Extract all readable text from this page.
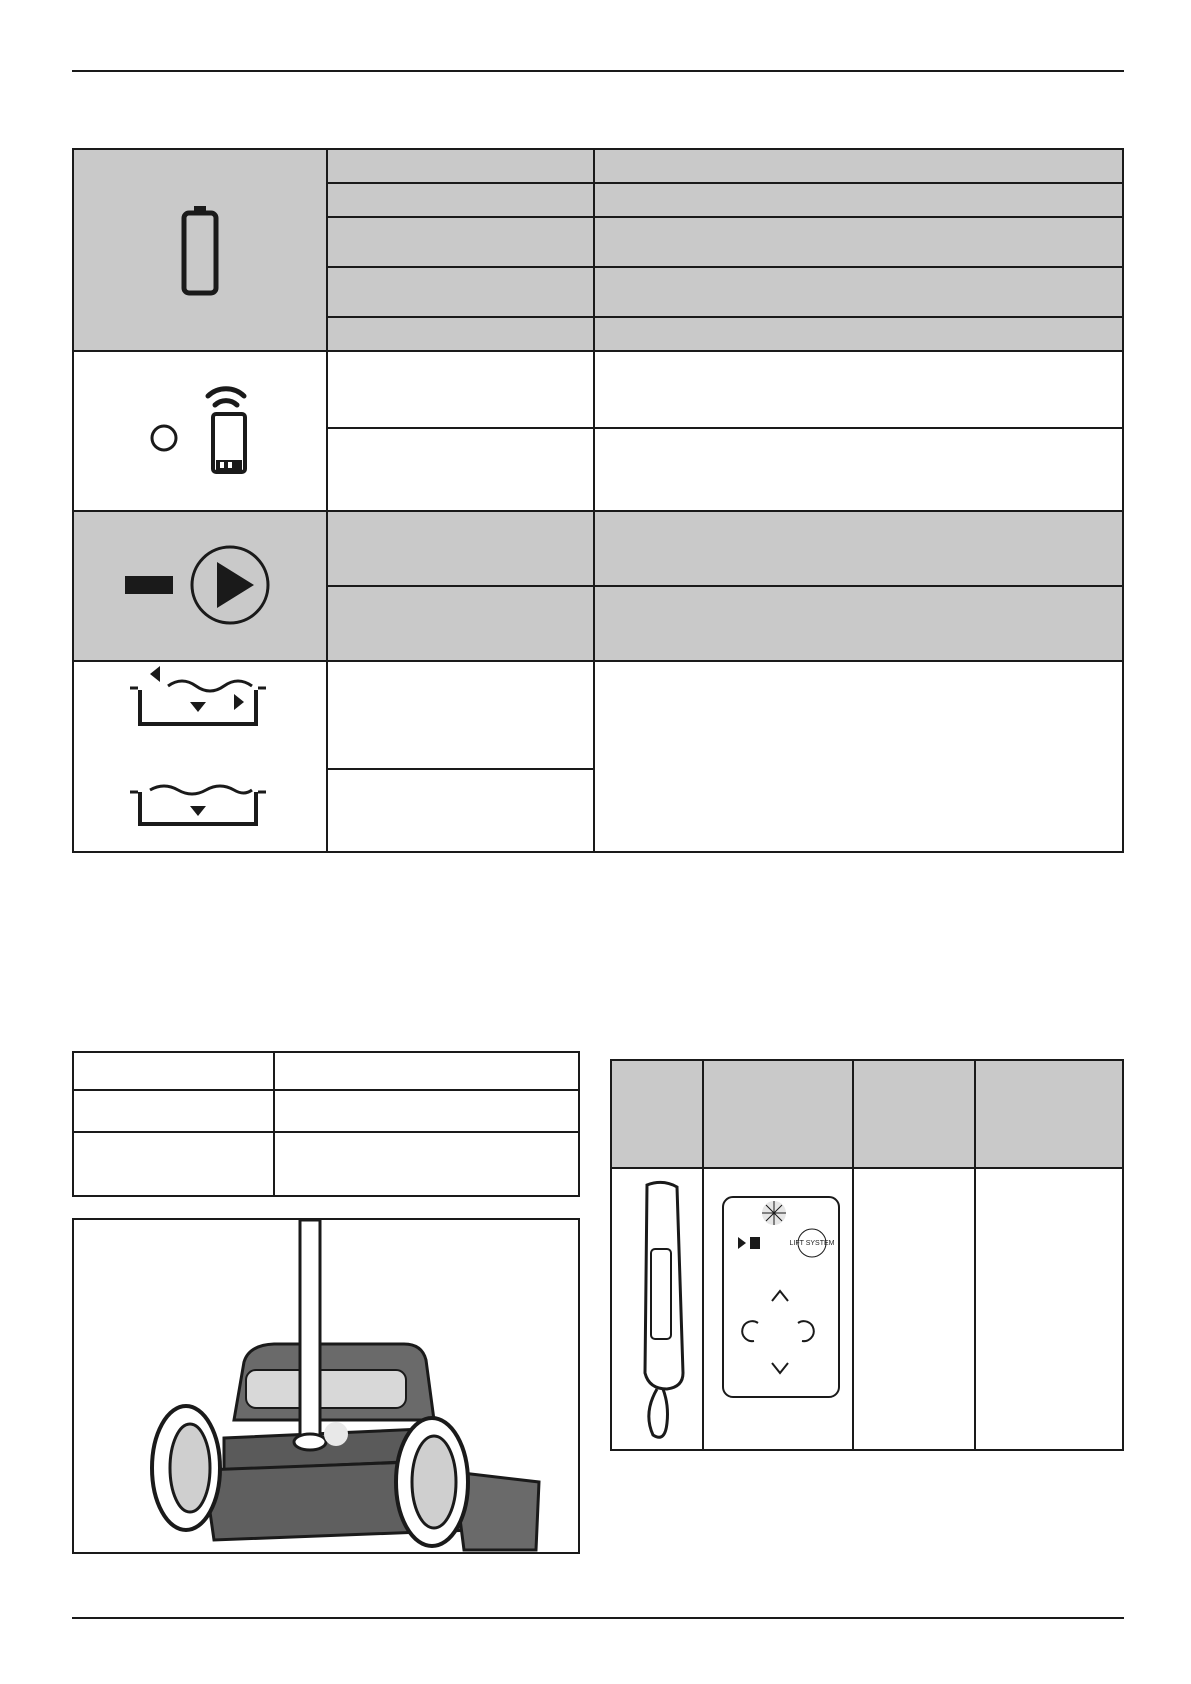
LIFT SYSTEM		
